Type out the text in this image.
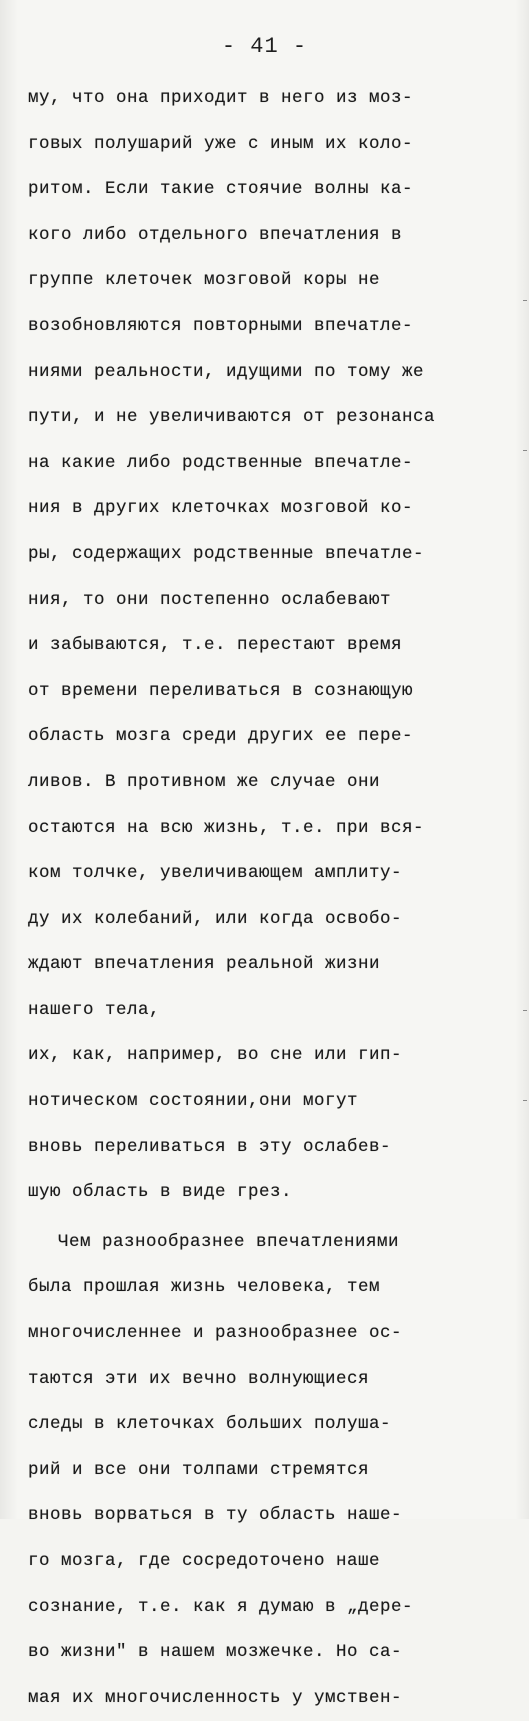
- 41 -
му, что она приходит в него из моз-
говых полушарий уже с иным их коло-
ритом. Если такие стоячие волны ка-
кого либо отдельного впечатления в
группе клеточек мозговой коры не
возобновляются повторными впечатле-
ниями реальности, идущими по тому же
пути, и не увеличиваются от резонанса
на какие либо родственные впечатле-
ния в других клеточках мозговой ко-
ры, содержащих родственные впечатле-
ния, то они постепенно ослабевают
и забываются, т.е. перестают время
от времени переливаться в сознающую
область мозга среди других ее пере-
ливов. В противном же случае они
остаются на всю жизнь, т.е. при вся-
ком толчке, увеличивающем амплиту-
ду их колебаний, или когда освобо-
ждают впечатления реальной жизни
нашего тела,
их, как, например, во сне или гип-
нотическом состоянии,они могут
вновь переливаться в эту ослабев-
шую область в виде грез.
Чем разнообразнее впечатлениями
была прошлая жизнь человека, тем
многочисленнее и разнообразнее ос-
таются эти их вечно волнующиеся
следы в клеточках больших полуша-
рий и все они толпами стремятся
вновь ворваться в ту область наше-
го мозга, где сосредоточено наше
сознание, т.е. как я думаю в „дере-
во жизни" в нашем мозжечке. Но са-
мая их многочисленность у умствен-
